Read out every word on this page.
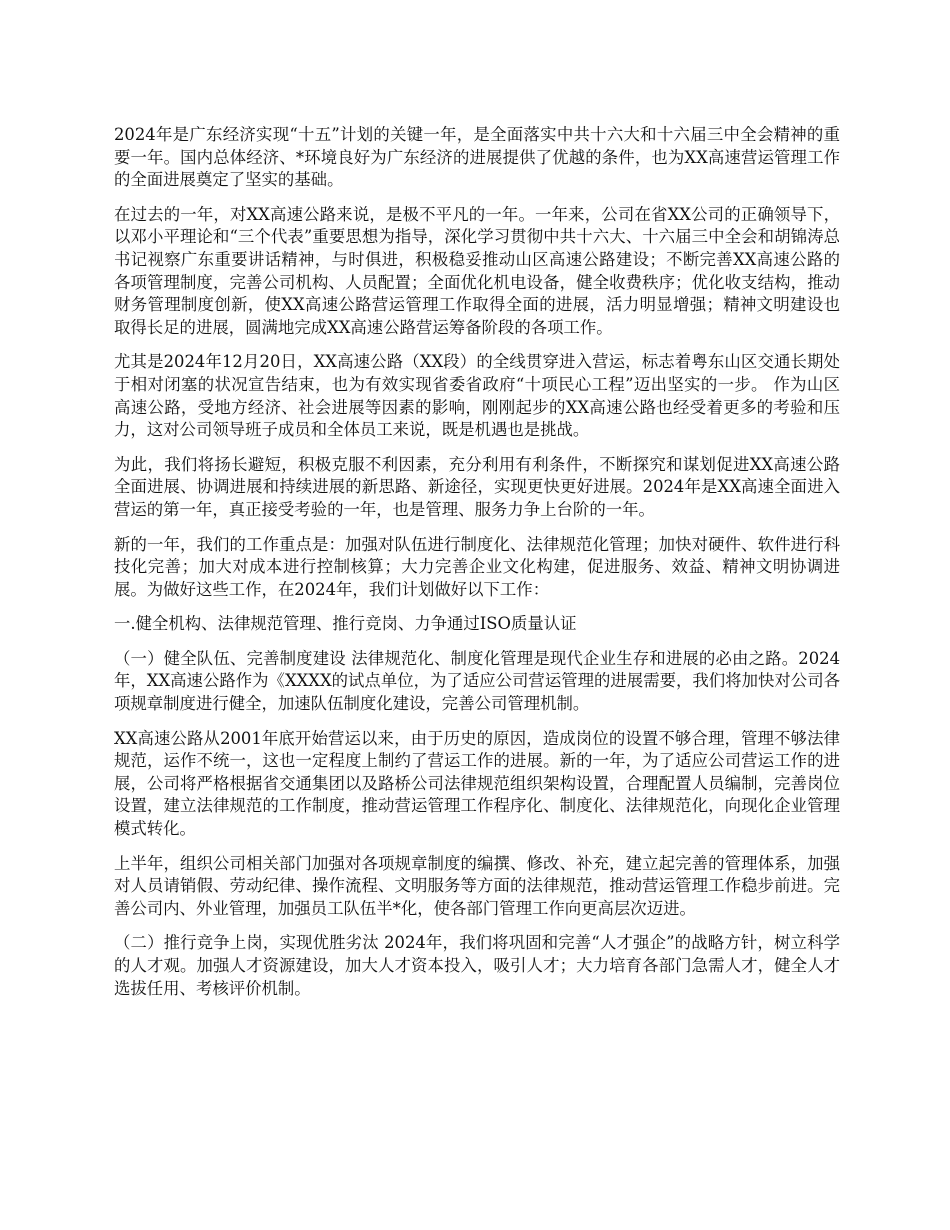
2024年是广东经济实现“十五”计划的关键一年，是全面落实中共十六大和十六届三中全会精神的重要一年。国内总体经济、*环境良好为广东经济的进展提供了优越的条件，也为XX高速营运管理工作的全面进展奠定了坚实的基础。

在过去的一年，对XX高速公路来说，是极不平凡的一年。一年来，公司在省XX公司的正确领导下，以邓小平理论和“三个代表”重要思想为指导，深化学习贯彻中共十六大、十六届三中全会和胡锦涛总书记视察广东重要讲话精神，与时俱进，积极稳妥推动山区高速公路建设；不断完善XX高速公路的各项管理制度，完善公司机构、人员配置；全面优化机电设备，健全收费秩序；优化收支结构，推动财务管理制度创新，使XX高速公路营运管理工作取得全面的进展，活力明显增强；精神文明建设也取得长足的进展，圆满地完成XX高速公路营运筹备阶段的各项工作。

尤其是2024年12月20日，XX高速公路（XX段）的全线贯穿进入营运，标志着粤东山区交通长期处于相对闭塞的状况宣告结束，也为有效实现省委省政府“十项民心工程”迈出坚实的一步。 作为山区高速公路，受地方经济、社会进展等因素的影响，刚刚起步的XX高速公路也经受着更多的考验和压力，这对公司领导班子成员和全体员工来说，既是机遇也是挑战。

为此，我们将扬长避短，积极克服不利因素，充分利用有利条件，不断探究和谋划促进XX高速公路全面进展、协调进展和持续进展的新思路、新途径，实现更快更好进展。2024年是XX高速全面进入营运的第一年，真正接受考验的一年，也是管理、服务力争上台阶的一年。

新的一年，我们的工作重点是：加强对队伍进行制度化、法律规范化管理；加快对硬件、软件进行科技化完善；加大对成本进行控制核算；大力完善企业文化构建，促进服务、效益、精神文明协调进展。为做好这些工作，在2024年，我们计划做好以下工作：

一.健全机构、法律规范管理、推行竞岗、力争通过ISO质量认证

（一）健全队伍、完善制度建设 法律规范化、制度化管理是现代企业生存和进展的必由之路。2024年，XX高速公路作为《XXXX的试点单位，为了适应公司营运管理的进展需要，我们将加快对公司各项规章制度进行健全，加速队伍制度化建设，完善公司管理机制。

XX高速公路从2001年底开始营运以来，由于历史的原因，造成岗位的设置不够合理，管理不够法律规范，运作不统一，这也一定程度上制约了营运工作的进展。新的一年，为了适应公司营运工作的进展，公司将严格根据省交通集团以及路桥公司法律规范组织架构设置，合理配置人员编制，完善岗位设置，建立法律规范的工作制度，推动营运管理工作程序化、制度化、法律规范化，向现化企业管理模式转化。

上半年，组织公司相关部门加强对各项规章制度的编撰、修改、补充，建立起完善的管理体系，加强对人员请销假、劳动纪律、操作流程、文明服务等方面的法律规范，推动营运管理工作稳步前进。完善公司内、外业管理，加强员工队伍半*化，使各部门管理工作向更高层次迈进。

（二）推行竞争上岗，实现优胜劣汰 2024年，我们将巩固和完善“人才强企”的战略方针，树立科学的人才观。加强人才资源建设，加大人才资本投入，吸引人才；大力培育各部门急需人才，健全人才选拔任用、考核评价机制。
